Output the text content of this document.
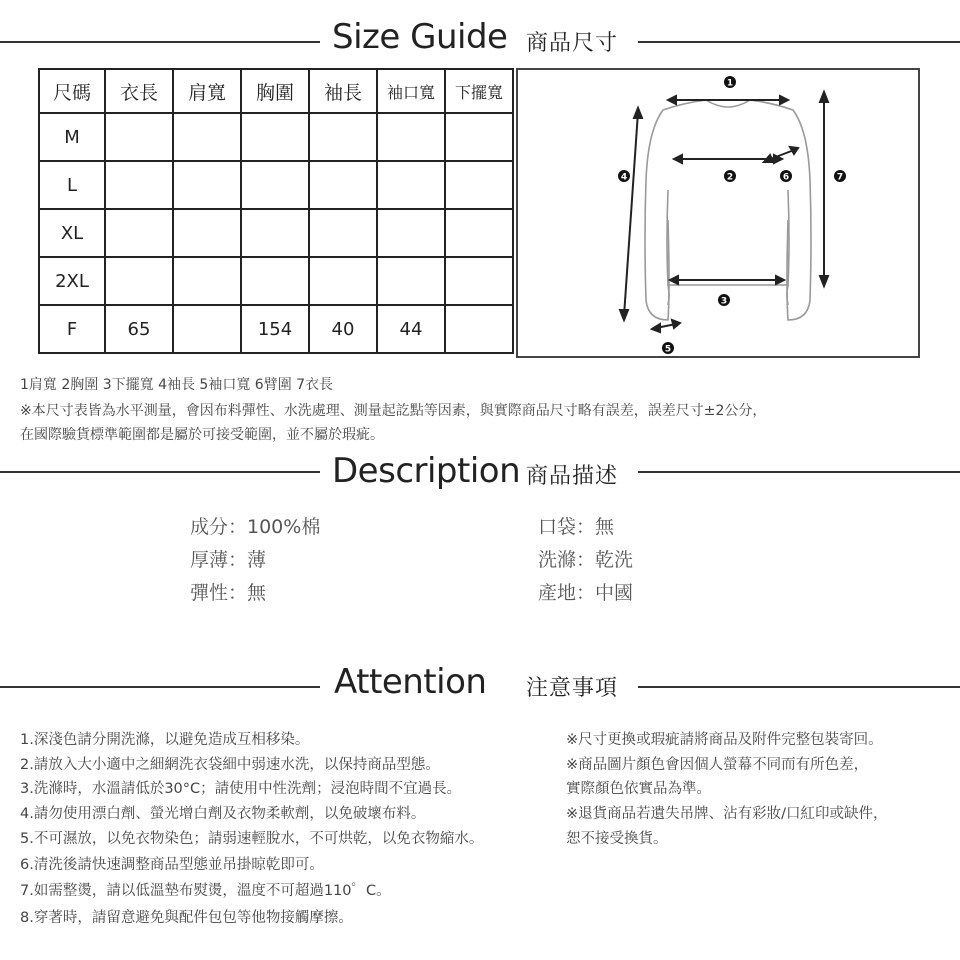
Size Guide 商品尺寸
尺碼	衣長	肩寬	胸圍	袖長	袖口寬	下擺寬
M						
L						
XL						
2XL						
F	65		154	40	44	
1
2
3
4
5
6	7
1肩寬 2胸圍 3下擺寬 4袖長 5袖口寬 6臂圍 7衣長
※本尺寸表皆為水平測量，會因布料彈性、水洗處理、測量起訖點等因素，與實際商品尺寸略有誤差，誤差尺寸±2公分，
在國際驗貨標準範圍都是屬於可接受範圍，並不屬於瑕疵。
Description 商品描述
成分：100%棉
厚薄：薄
彈性：無
口袋：無
洗滌：乾洗
產地：中國
Attention 注意事項
1.深淺色請分開洗滌，以避免造成互相移染。
2.請放入大小適中之細網洗衣袋細中弱速水洗，以保持商品型態。
3.洗滌時，水溫請低於30°C；請使用中性洗劑；浸泡時間不宜過長。
4.請勿使用漂白劑、螢光增白劑及衣物柔軟劑，以免破壞布料。
5.不可濕放，以免衣物染色；請弱速輕脫水，不可烘乾，以免衣物縮水。
6.清洗後請快速調整商品型態並吊掛晾乾即可。
7.如需整燙，請以低溫墊布熨燙，溫度不可超過110゜C。
8.穿著時，請留意避免與配件包包等他物接觸摩擦。
※尺寸更換或瑕疵請將商品及附件完整包裝寄回。
※商品圖片顏色會因個人螢幕不同而有所色差，
實際顏色依實品為準。
※退貨商品若遺失吊牌、沾有彩妝/口紅印或缺件，
恕不接受換貨。
